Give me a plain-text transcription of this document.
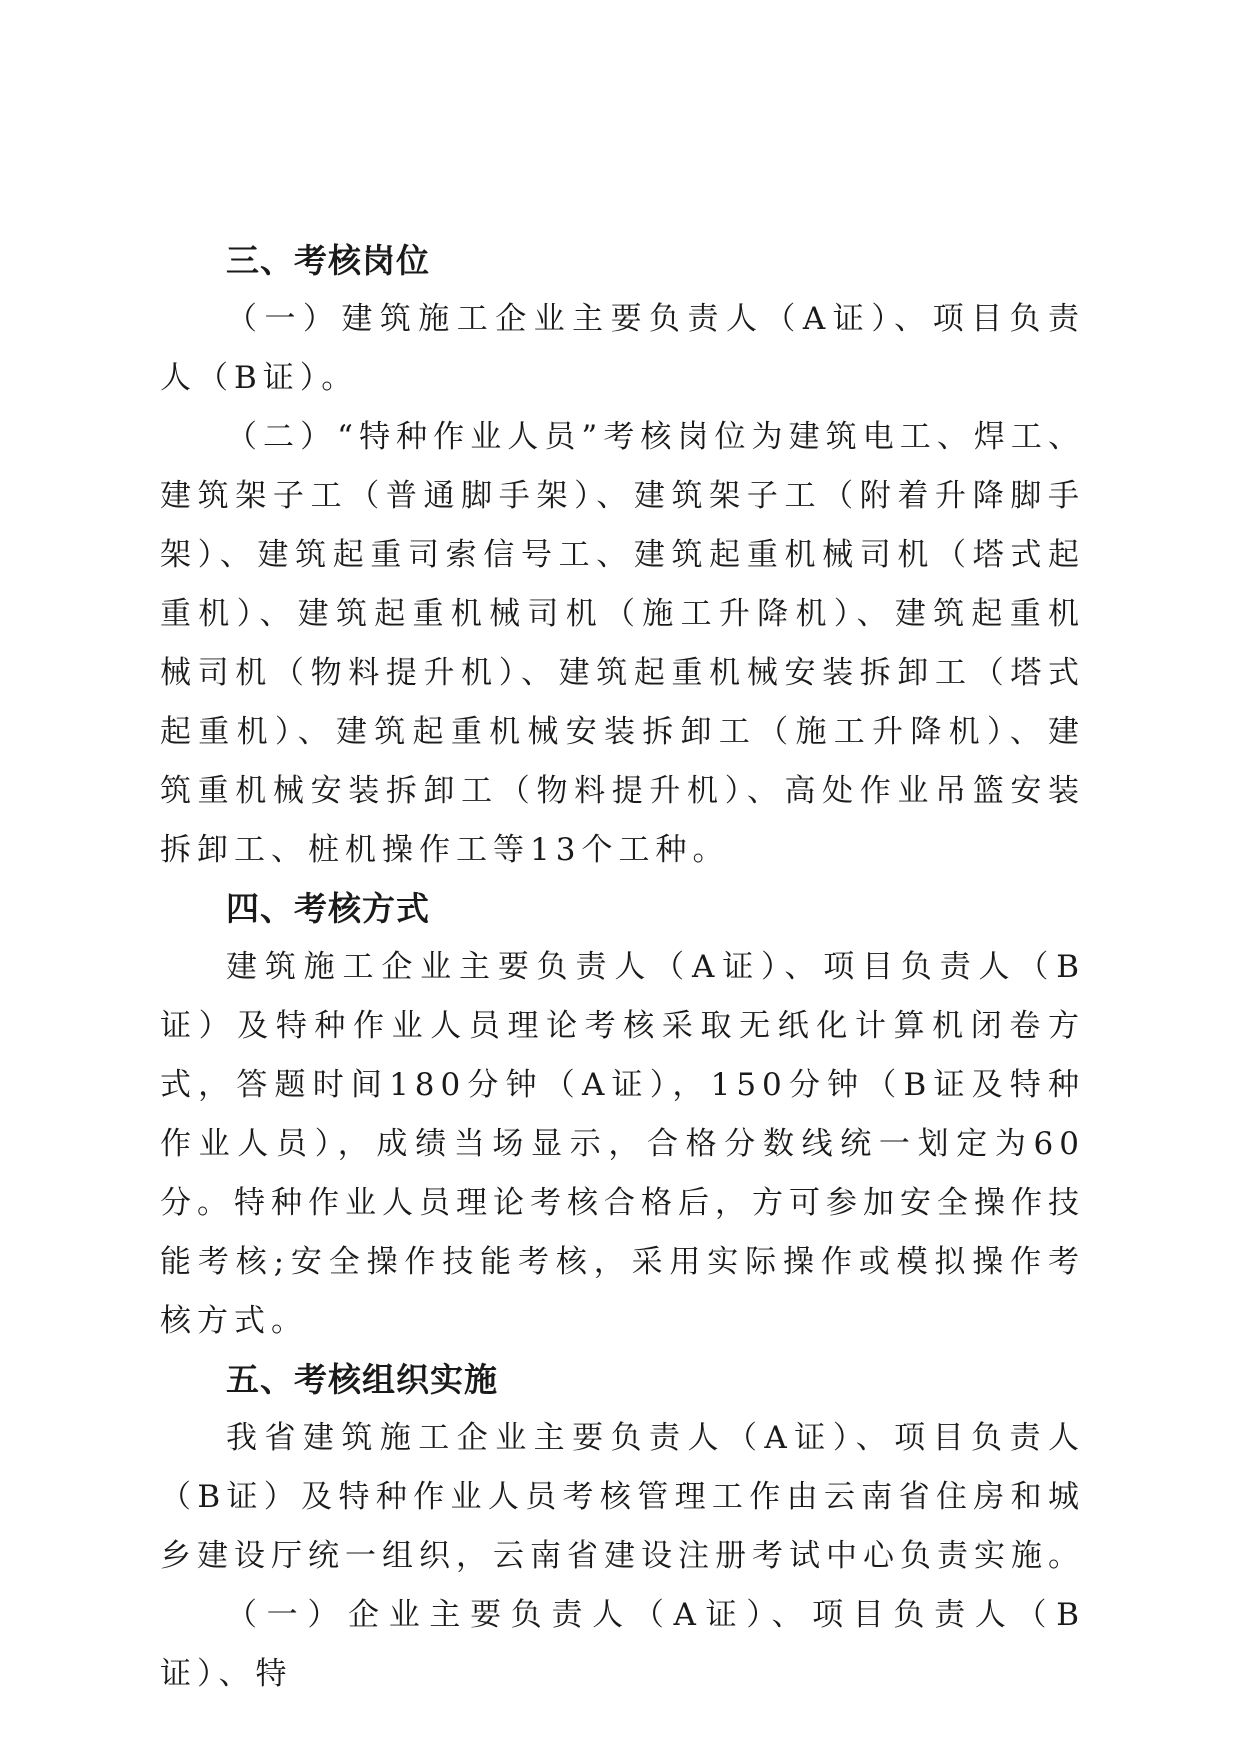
三、考核岗位

（一）建筑施工企业主要负责人（A证）、项目负责人（B证）。

（二）“特种作业人员”考核岗位为建筑电工、焊工、建筑架子工（普通脚手架）、建筑架子工（附着升降脚手架）、建筑起重司索信号工、建筑起重机械司机（塔式起重机）、建筑起重机械司机（施工升降机）、建筑起重机械司机（物料提升机）、建筑起重机械安装拆卸工（塔式起重机）、建筑起重机械安装拆卸工（施工升降机）、建筑重机械安装拆卸工（物料提升机）、高处作业吊篮安装拆卸工、桩机操作工等13个工种。

四、考核方式

建筑施工企业主要负责人（A证）、项目负责人（B证）及特种作业人员理论考核采取无纸化计算机闭卷方式，答题时间180分钟（A证），150分钟（B证及特种作业人员），成绩当场显示，合格分数线统一划定为60分。特种作业人员理论考核合格后，方可参加安全操作技能考核;安全操作技能考核，采用实际操作或模拟操作考核方式。

五、考核组织实施

我省建筑施工企业主要负责人（A证）、项目负责人（B证）及特种作业人员考核管理工作由云南省住房和城乡建设厅统一组织，云南省建设注册考试中心负责实施。

（一）企业主要负责人（A证）、项目负责人（B证）、特
